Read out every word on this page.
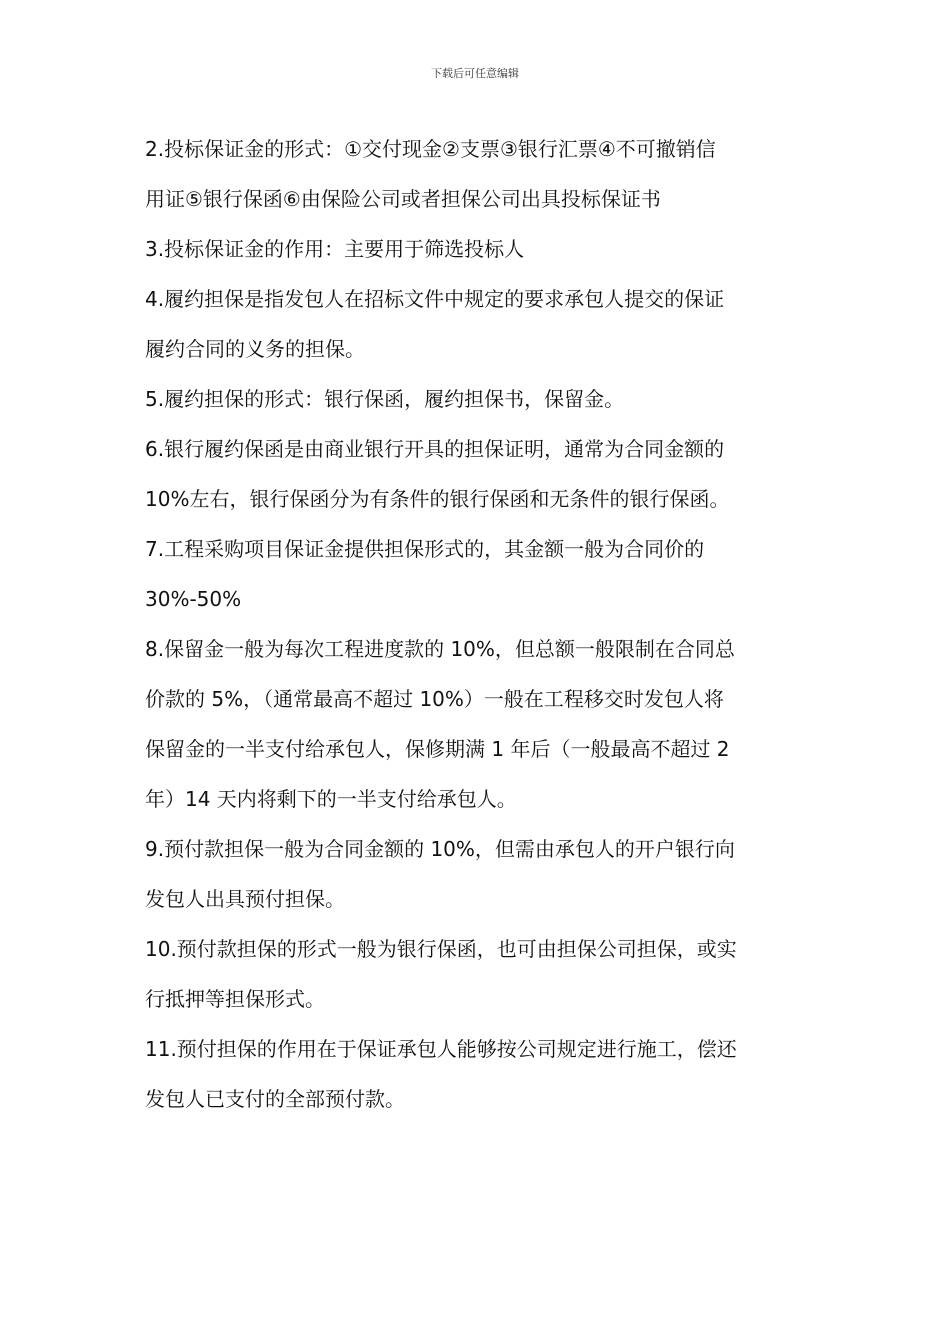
下载后可任意编辑
2.投标保证金的形式：①交付现金②支票③银行汇票④不可撤销信
用证⑤银行保函⑥由保险公司或者担保公司出具投标保证书
3.投标保证金的作用：主要用于筛选投标人
4.履约担保是指发包人在招标文件中规定的要求承包人提交的保证
履约合同的义务的担保。
5.履约担保的形式：银行保函，履约担保书，保留金。
6.银行履约保函是由商业银行开具的担保证明，通常为合同金额的
10%左右，银行保函分为有条件的银行保函和无条件的银行保函。
7.工程采购项目保证金提供担保形式的，其金额一般为合同价的
30%-50%
8.保留金一般为每次工程进度款的 10%，但总额一般限制在合同总
价款的 5%，（通常最高不超过 10%）一般在工程移交时发包人将
保留金的一半支付给承包人，保修期满 1 年后（一般最高不超过 2
年）14 天内将剩下的一半支付给承包人。
9.预付款担保一般为合同金额的 10%，但需由承包人的开户银行向
发包人出具预付担保。
10.预付款担保的形式一般为银行保函，也可由担保公司担保，或实
行抵押等担保形式。
11.预付担保的作用在于保证承包人能够按公司规定进行施工，偿还
发包人已支付的全部预付款。
